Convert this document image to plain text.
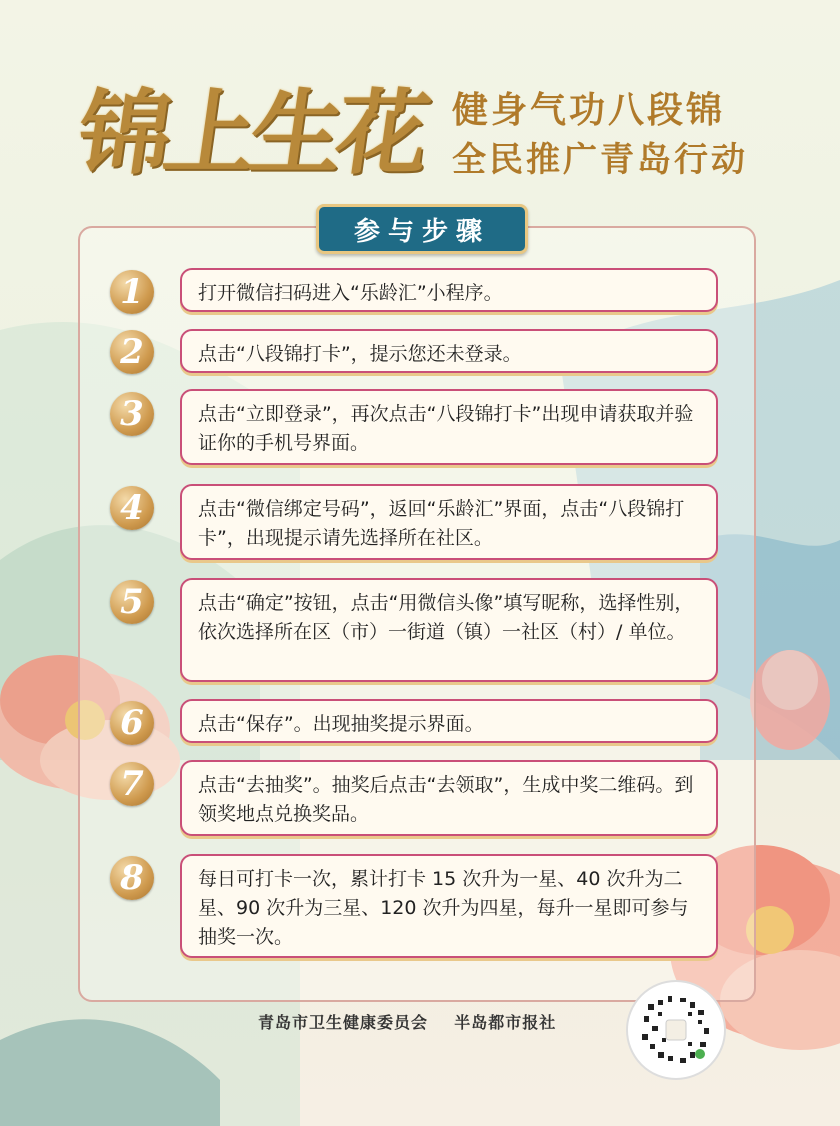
锦上生花 健身气功八段锦
全民推广青岛行动
参与步骤
1	打开微信扫码进入“乐龄汇”小程序。
2	点击“八段锦打卡”，提示您还未登录。
3	点击“立即登录”，再次点击“八段锦打卡”出现申请获取并验证你的手机号界面。
4	点击“微信绑定号码”，返回“乐龄汇”界面，点击“八段锦打卡”，出现提示请先选择所在社区。
5	点击“确定”按钮，点击“用微信头像”填写昵称，选择性别，依次选择所在区（市）一街道（镇）一社区（村）/ 单位。
6	点击“保存”。出现抽奖提示界面。
7	点击“去抽奖”。抽奖后点击“去领取”，生成中奖二维码。到领奖地点兑换奖品。
8	每日可打卡一次，累计打卡 15 次升为一星、40 次升为二星、90 次升为三星、120 次升为四星，每升一星即可参与抽奖一次。
青岛市卫生健康委员会    半岛都市报社
